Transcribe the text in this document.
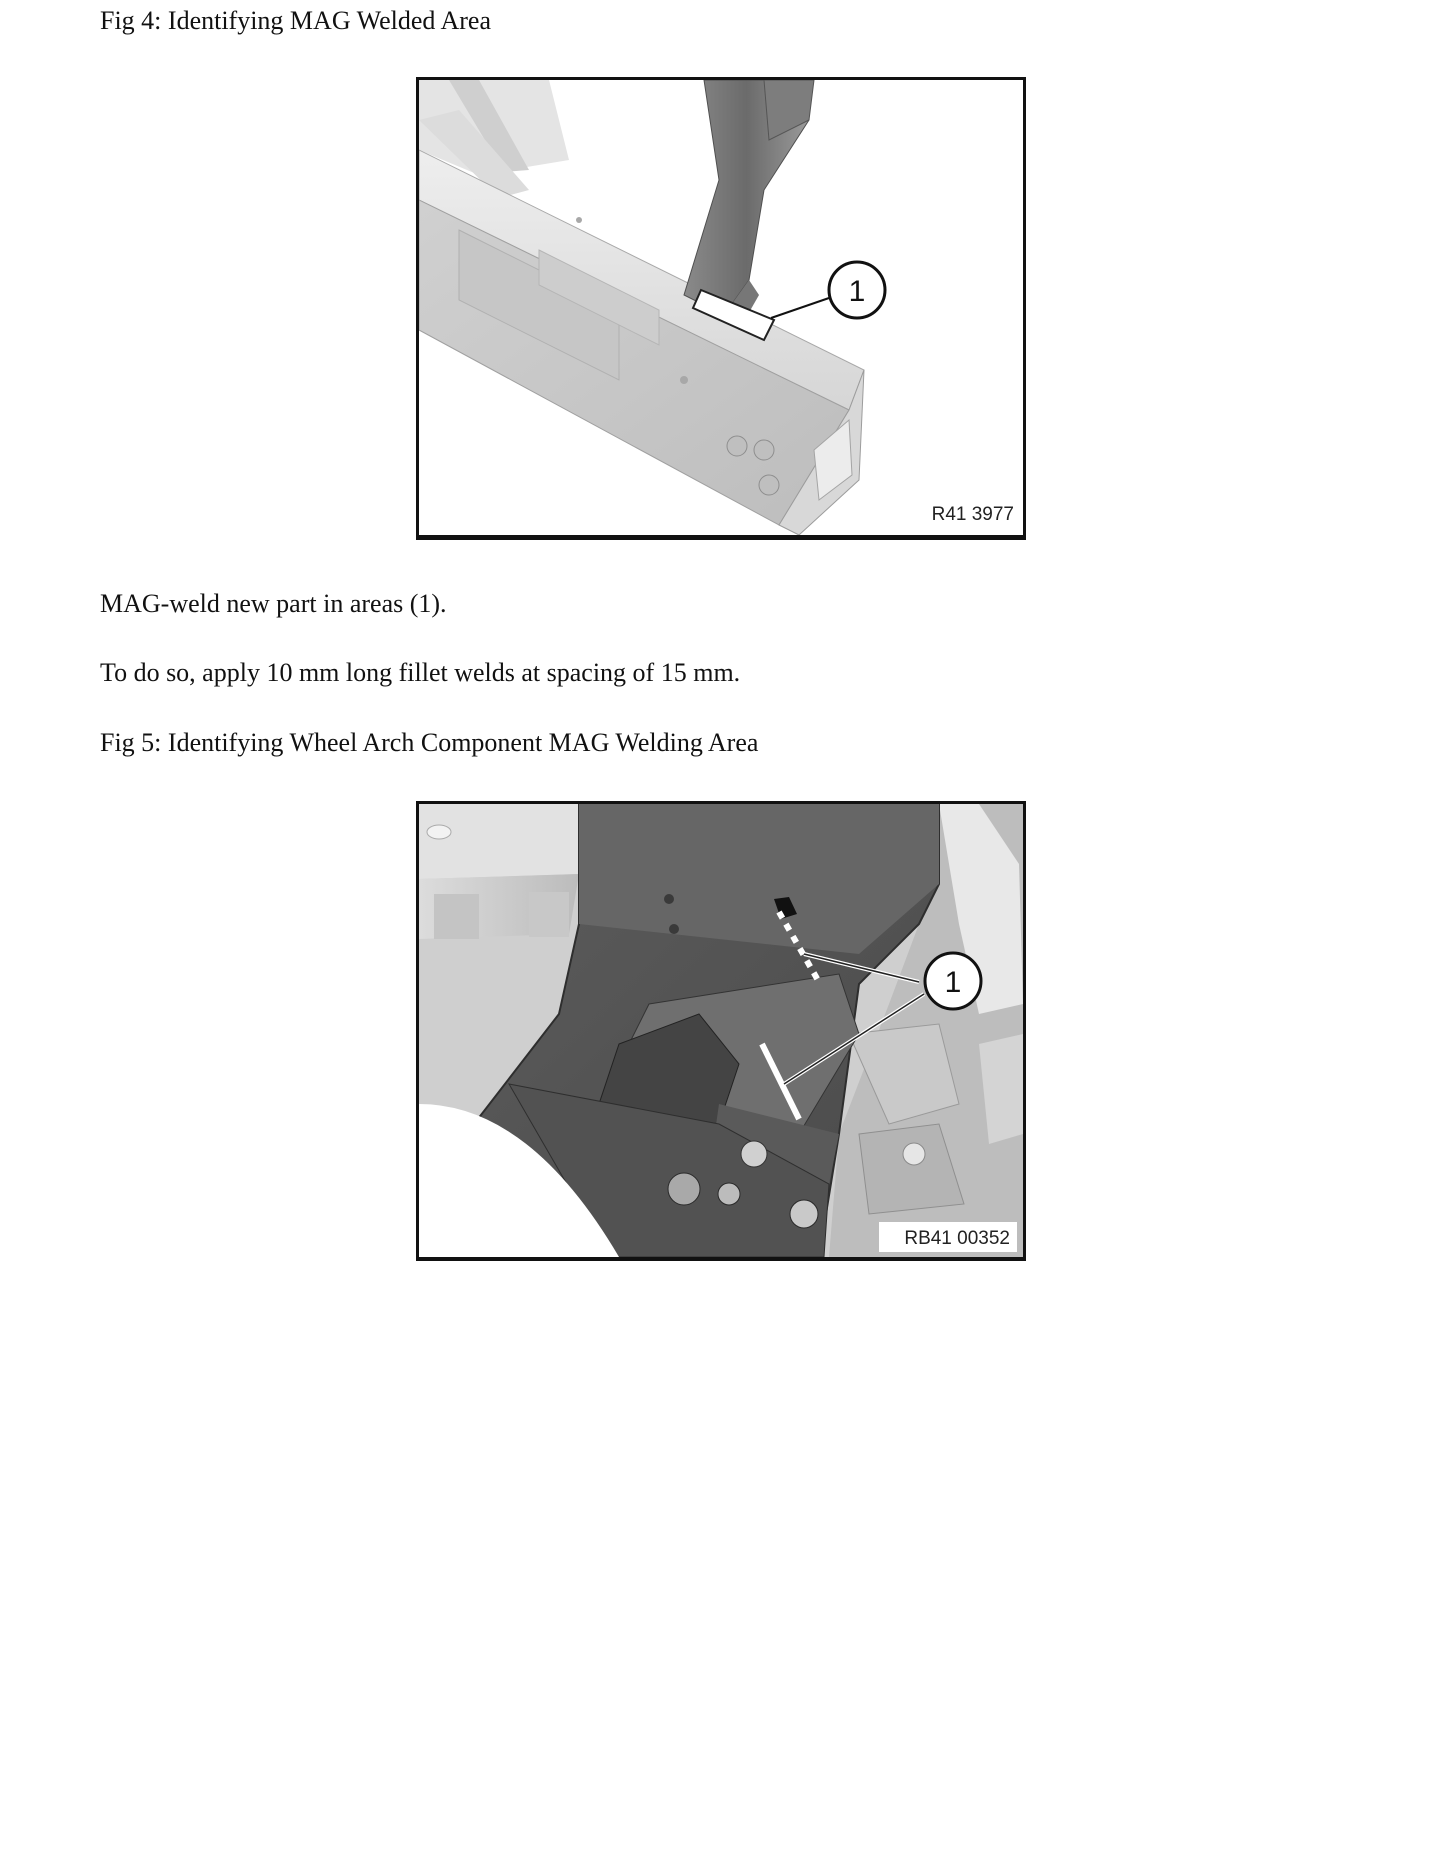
Fig 4: Identifying MAG Welded Area

1
R41 3977

MAG-weld new part in areas (1).

To do so, apply 10 mm long fillet welds at spacing of 15 mm.

Fig 5: Identifying Wheel Arch Component MAG Welding Area

1
RB41 00352
